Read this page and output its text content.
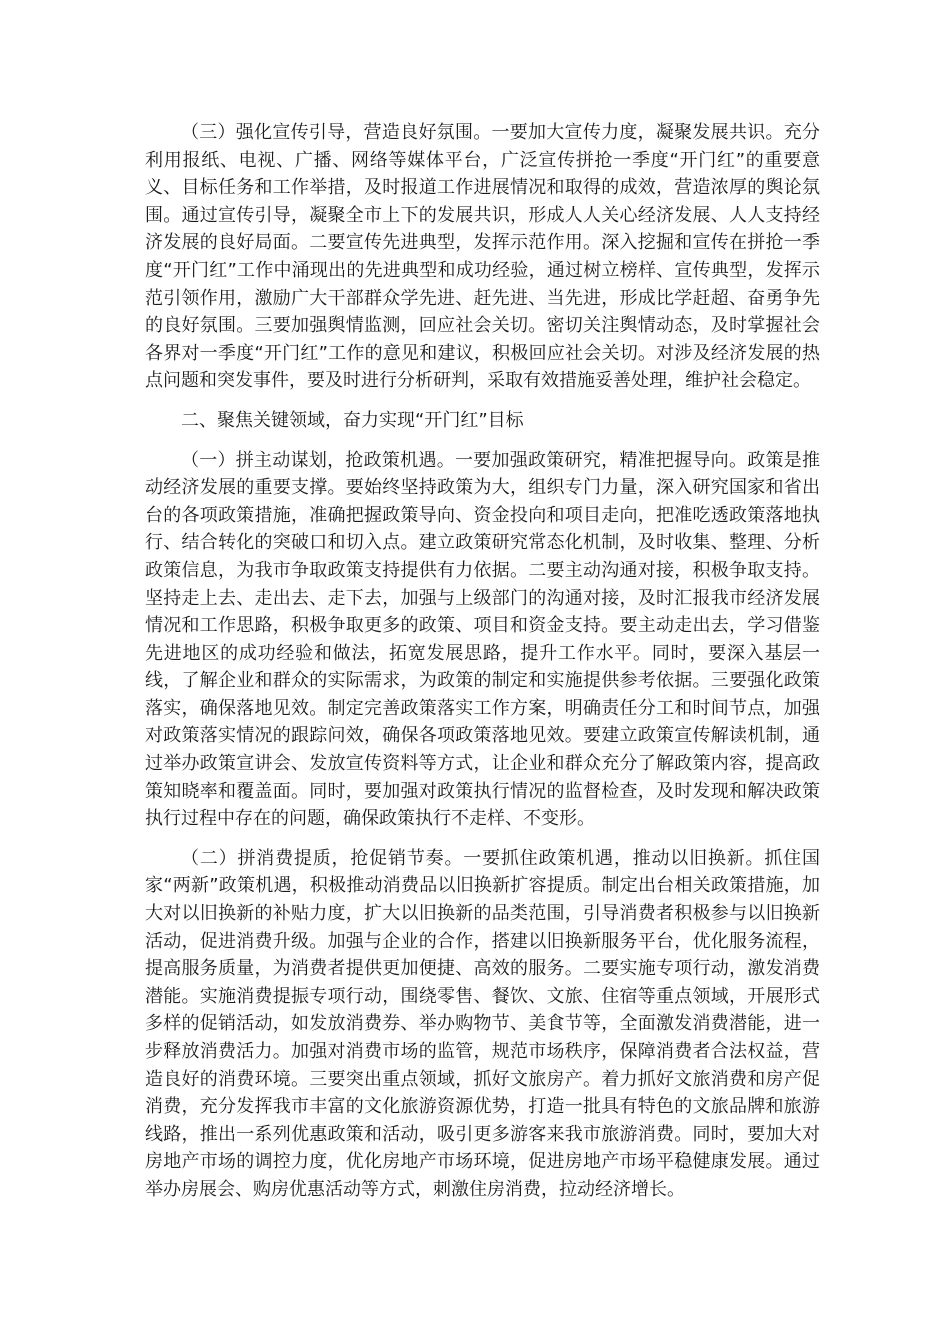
（三）强化宣传引导，营造良好氛围。一要加大宣传力度，凝聚发展共识。充分利用报纸、电视、广播、网络等媒体平台，广泛宣传拼抢一季度“开门红”的重要意义、目标任务和工作举措，及时报道工作进展情况和取得的成效，营造浓厚的舆论氛围。通过宣传引导，凝聚全市上下的发展共识，形成人人关心经济发展、人人支持经济发展的良好局面。二要宣传先进典型，发挥示范作用。深入挖掘和宣传在拼抢一季度“开门红”工作中涌现出的先进典型和成功经验，通过树立榜样、宣传典型，发挥示范引领作用，激励广大干部群众学先进、赶先进、当先进，形成比学赶超、奋勇争先的良好氛围。三要加强舆情监测，回应社会关切。密切关注舆情动态，及时掌握社会各界对一季度“开门红”工作的意见和建议，积极回应社会关切。对涉及经济发展的热点问题和突发事件，要及时进行分析研判，采取有效措施妥善处理，维护社会稳定。

二、聚焦关键领域，奋力实现“开门红”目标

（一）拼主动谋划，抢政策机遇。一要加强政策研究，精准把握导向。政策是推动经济发展的重要支撑。要始终坚持政策为大，组织专门力量，深入研究国家和省出台的各项政策措施，准确把握政策导向、资金投向和项目走向，把准吃透政策落地执行、结合转化的突破口和切入点。建立政策研究常态化机制，及时收集、整理、分析政策信息，为我市争取政策支持提供有力依据。二要主动沟通对接，积极争取支持。坚持走上去、走出去、走下去，加强与上级部门的沟通对接，及时汇报我市经济发展情况和工作思路，积极争取更多的政策、项目和资金支持。要主动走出去，学习借鉴先进地区的成功经验和做法，拓宽发展思路，提升工作水平。同时，要深入基层一线，了解企业和群众的实际需求，为政策的制定和实施提供参考依据。三要强化政策落实，确保落地见效。制定完善政策落实工作方案，明确责任分工和时间节点，加强对政策落实情况的跟踪问效，确保各项政策落地见效。要建立政策宣传解读机制，通过举办政策宣讲会、发放宣传资料等方式，让企业和群众充分了解政策内容，提高政策知晓率和覆盖面。同时，要加强对政策执行情况的监督检查，及时发现和解决政策执行过程中存在的问题，确保政策执行不走样、不变形。

（二）拼消费提质，抢促销节奏。一要抓住政策机遇，推动以旧换新。抓住国家“两新”政策机遇，积极推动消费品以旧换新扩容提质。制定出台相关政策措施，加大对以旧换新的补贴力度，扩大以旧换新的品类范围，引导消费者积极参与以旧换新活动，促进消费升级。加强与企业的合作，搭建以旧换新服务平台，优化服务流程，提高服务质量，为消费者提供更加便捷、高效的服务。二要实施专项行动，激发消费潜能。实施消费提振专项行动，围绕零售、餐饮、文旅、住宿等重点领域，开展形式多样的促销活动，如发放消费券、举办购物节、美食节等，全面激发消费潜能，进一步释放消费活力。加强对消费市场的监管，规范市场秩序，保障消费者合法权益，营造良好的消费环境。三要突出重点领域，抓好文旅房产。着力抓好文旅消费和房产促消费，充分发挥我市丰富的文化旅游资源优势，打造一批具有特色的文旅品牌和旅游线路，推出一系列优惠政策和活动，吸引更多游客来我市旅游消费。同时，要加大对房地产市场的调控力度，优化房地产市场环境，促进房地产市场平稳健康发展。通过举办房展会、购房优惠活动等方式，刺激住房消费，拉动经济增长。
